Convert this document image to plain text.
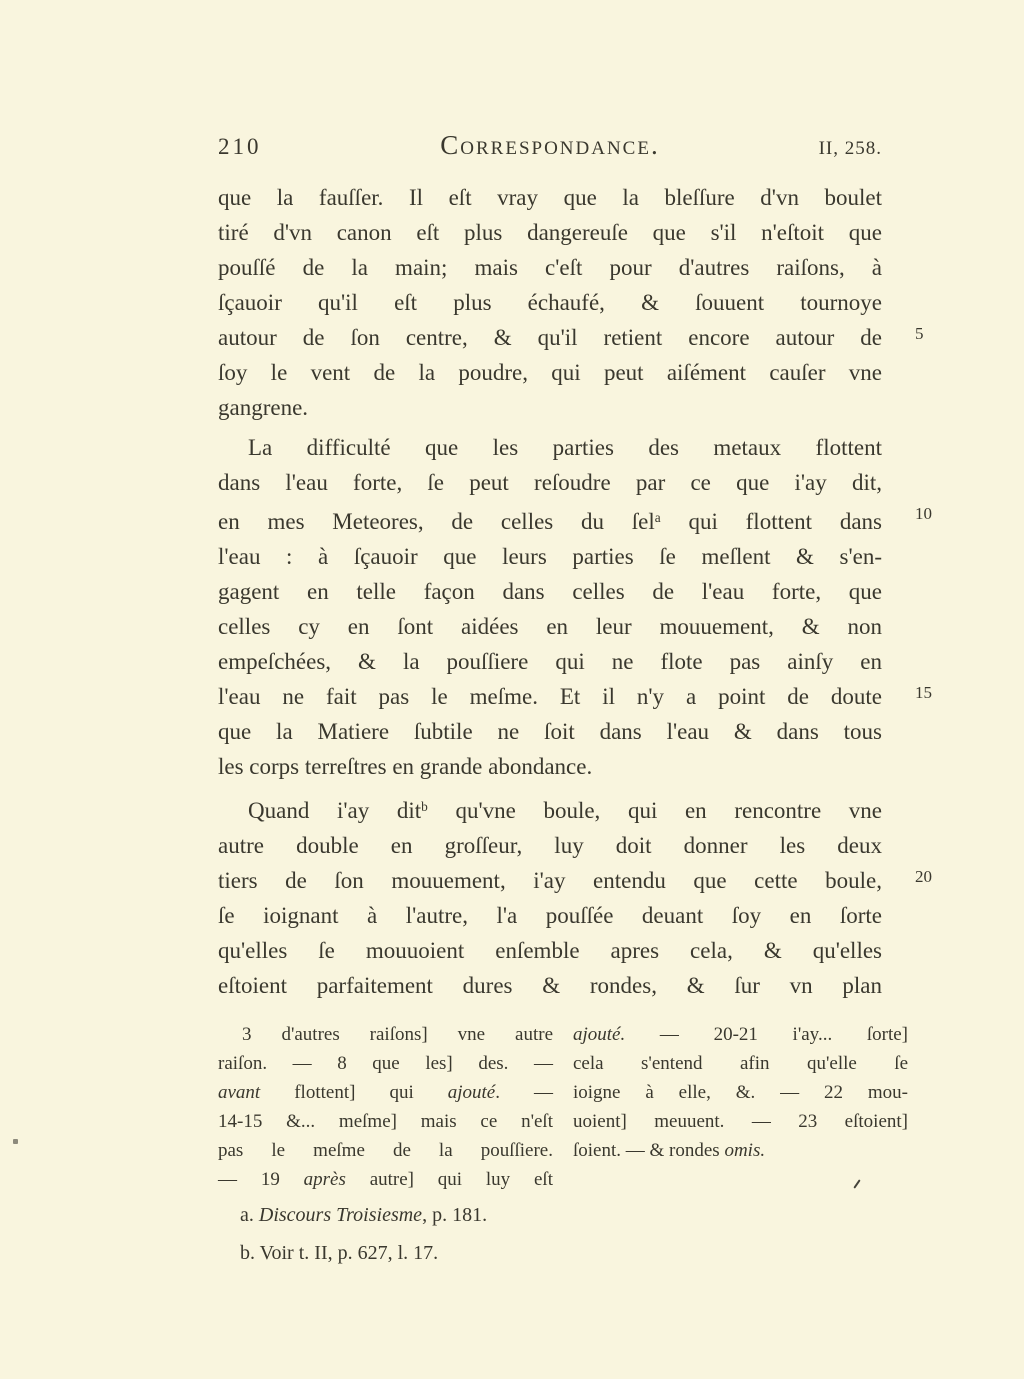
210	Correspondance.	II, 258.
que la fauſſer. Il eſt vray que la bleſſure d'vn boulet
tiré d'vn canon eſt plus dangereuſe que s'il n'eſtoit que
pouſſé de la main; mais c'eſt pour d'autres raiſons, à
ſçauoir qu'il eſt plus échaufé, & ſouuent tournoye
autour de ſon centre, & qu'il retient encore autour de 5
ſoy le vent de la poudre, qui peut aiſément cauſer vne
gangrene.
La difficulté que les parties des metaux flottent
dans l'eau forte, ſe peut reſoudre par ce que i'ay dit,
en mes Meteores, de celles du ſel$^a$ qui flottent dans 10
l'eau : à ſçauoir que leurs parties ſe meſlent & s'en-
gagent en telle façon dans celles de l'eau forte, que
celles cy en ſont aidées en leur mouuement, & non
empeſchées, & la pouſſiere qui ne flote pas ainſy en
l'eau ne fait pas le meſme. Et il n'y a point de doute 15
que la Matiere ſubtile ne ſoit dans l'eau & dans tous
les corps terreſtres en grande abondance.
Quand i'ay dit$^b$ qu'vne boule, qui en rencontre vne
autre double en groſſeur, luy doit donner les deux
tiers de ſon mouuement, i'ay entendu que cette boule, 20
ſe ioignant à l'autre, l'a pouſſée deuant ſoy en ſorte
qu'elles ſe mouuoient enſemble apres cela, & qu'elles
eſtoient parfaitement dures & rondes, & ſur vn plan
3 d'autres raiſons] vne autre
raiſon. — 8 que les] des. —
avant flottent] qui ajouté. —
14-15 &... meſme] mais ce n'eſt
pas le meſme de la pouſſiere.
— 19 après autre] qui luy eſt
ajouté. — 20-21 i'ay... ſorte]
cela s'entend afin qu'elle ſe
ioigne à elle, &. — 22 mou-
uoient] meuuent. — 23 eſtoient]
ſoient. — & rondes omis.
a. Discours Troisiesme, p. 181.
b. Voir t. II, p. 627, l. 17.
